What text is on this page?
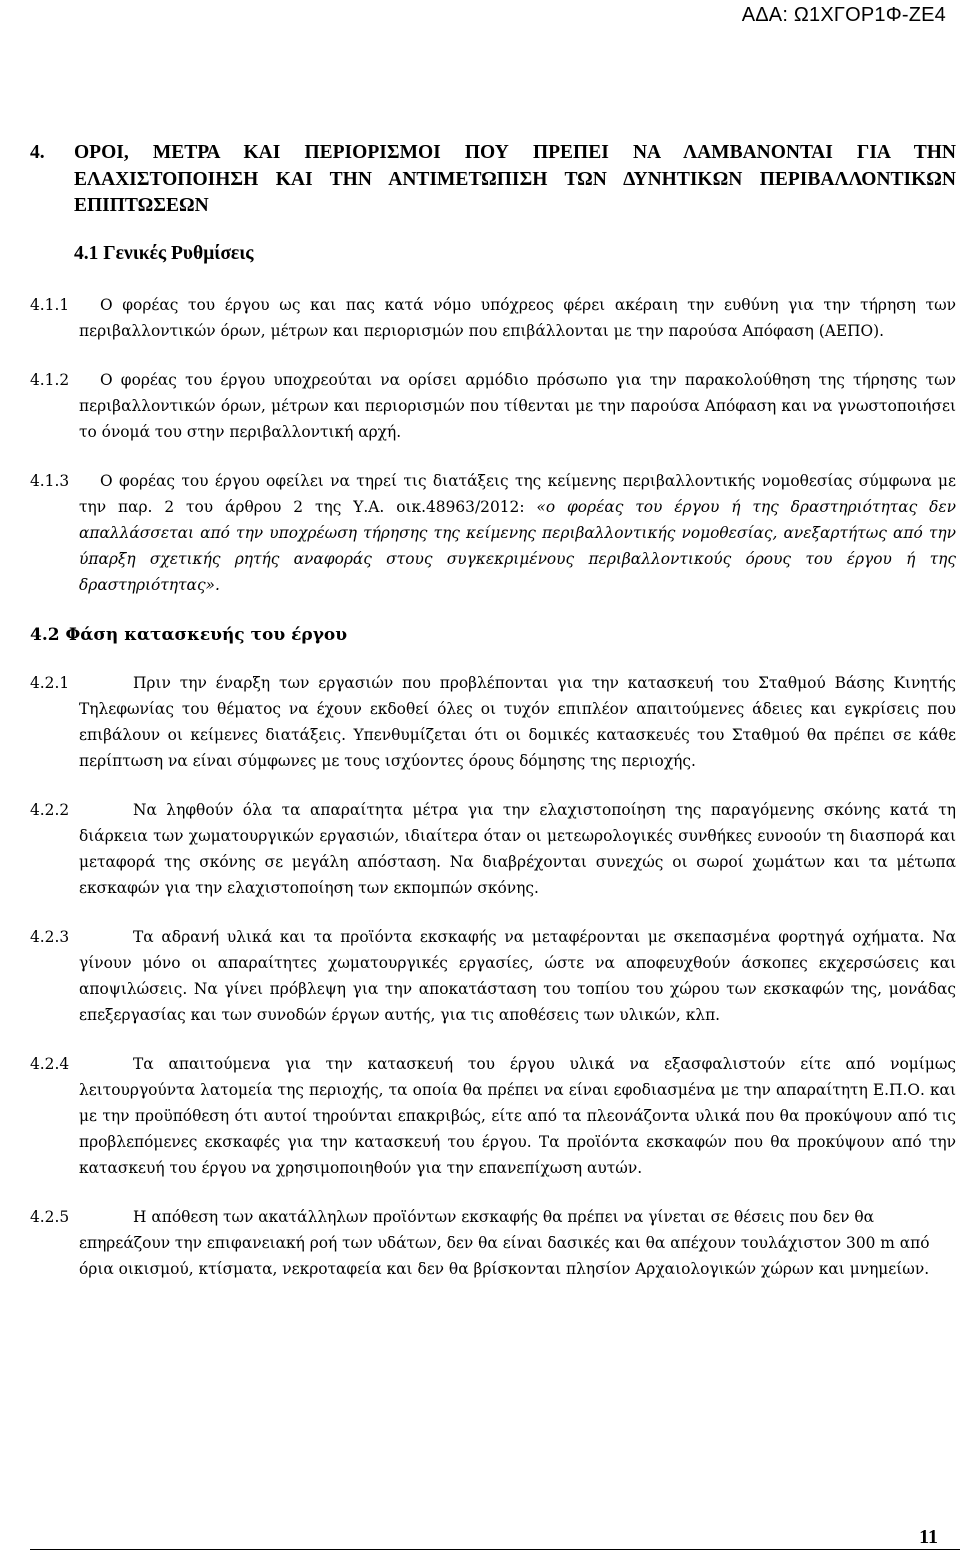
ΑΔΑ: Ω1ΧΓΟΡ1Φ-ΖΕ4
4.	ΟΡΟΙ, ΜΕΤΡΑ ΚΑΙ ΠΕΡΙΟΡΙΣΜΟΙ ΠΟΥ ΠΡΕΠΕΙ ΝΑ ΛΑΜΒΑΝΟΝΤΑΙ ΓΙΑ ΤΗΝ ΕΛΑΧΙΣΤΟΠΟΙΗΣΗ ΚΑΙ ΤΗΝ ΑΝΤΙΜΕΤΩΠΙΣΗ ΤΩΝ ΔΥΝΗΤΙΚΩΝ ΠΕΡΙΒΑΛΛΟΝΤΙΚΩΝ ΕΠΙΠΤΩΣΕΩΝ
4.1 Γενικές Ρυθμίσεις

4.1.1	Ο φορέας του έργου ως και πας κατά νόμο υπόχρεος φέρει ακέραιη την ευθύνη για την τήρηση των περιβαλλοντικών όρων, μέτρων και περιορισμών που επιβάλλονται με την παρούσα Απόφαση (ΑΕΠΟ).

4.1.2	Ο φορέας του έργου υποχρεούται να ορίσει αρμόδιο πρόσωπο για την παρακολούθηση της τήρησης των περιβαλλοντικών όρων, μέτρων και περιορισμών που τίθενται με την παρούσα Απόφαση και να γνωστοποιήσει το όνομά του στην περιβαλλοντική αρχή.

4.1.3	Ο φορέας του έργου οφείλει να τηρεί τις διατάξεις της κείμενης περιβαλλοντικής νομοθεσίας σύμφωνα με την παρ. 2 του άρθρου 2 της Υ.Α. οικ.48963/2012: «ο φορέας του έργου ή της δραστηριότητας δεν απαλλάσσεται από την υποχρέωση τήρησης της κείμενης περιβαλλοντικής νομοθεσίας, ανεξαρτήτως από την ύπαρξη σχετικής ρητής αναφοράς στους συγκεκριμένους περιβαλλοντικούς όρους του έργου ή της δραστηριότητας».

4.2 Φάση κατασκευής του έργου

4.2.1	Πριν την έναρξη των εργασιών που προβλέπονται για την κατασκευή του Σταθμού Βάσης Κινητής Τηλεφωνίας του θέματος να έχουν εκδοθεί όλες οι τυχόν επιπλέον απαιτούμενες άδειες και εγκρίσεις που επιβάλουν οι κείμενες διατάξεις. Υπενθυμίζεται ότι οι δομικές κατασκευές του Σταθμού θα πρέπει σε κάθε περίπτωση να είναι σύμφωνες με τους ισχύοντες όρους δόμησης της περιοχής.

4.2.2	Να ληφθούν όλα τα απαραίτητα μέτρα για την ελαχιστοποίηση της παραγόμενης σκόνης κατά τη διάρκεια των χωματουργικών εργασιών, ιδιαίτερα όταν οι μετεωρολογικές συνθήκες ευνοούν τη διασπορά και μεταφορά της σκόνης σε μεγάλη απόσταση. Να διαβρέχονται συνεχώς οι σωροί χωμάτων και τα μέτωπα εκσκαφών για την ελαχιστοποίηση των εκπομπών σκόνης.

4.2.3	Τα αδρανή υλικά και τα προϊόντα εκσκαφής να μεταφέρονται με σκεπασμένα φορτηγά οχήματα. Να γίνουν μόνο οι απαραίτητες χωματουργικές εργασίες, ώστε να αποφευχθούν άσκοπες εκχερσώσεις και αποψιλώσεις. Να γίνει πρόβλεψη για την αποκατάσταση του τοπίου του χώρου των εκσκαφών της, μονάδας επεξεργασίας και των συνοδών έργων αυτής, για τις αποθέσεις των υλικών, κλπ.

4.2.4	Τα απαιτούμενα για την κατασκευή του έργου υλικά να εξασφαλιστούν είτε από νομίμως λειτουργούντα λατομεία της περιοχής, τα οποία θα πρέπει να είναι εφοδιασμένα με την απαραίτητη Ε.Π.Ο. και με την προϋπόθεση ότι αυτοί τηρούνται επακριβώς, είτε από τα πλεονάζοντα υλικά που θα προκύψουν από τις προβλεπόμενες εκσκαφές για την κατασκευή του έργου. Τα προϊόντα εκσκαφών που θα προκύψουν από την κατασκευή του έργου να χρησιμοποιηθούν για την επανεπίχωση αυτών.

4.2.5	Η απόθεση των ακατάλληλων προϊόντων εκσκαφής θα πρέπει να γίνεται σε θέσεις που δεν θα επηρεάζουν την επιφανειακή ροή των υδάτων, δεν θα είναι δασικές και θα απέχουν τουλάχιστον 300 m από όρια οικισμού, κτίσματα, νεκροταφεία και δεν θα βρίσκονται πλησίον Αρχαιολογικών χώρων και μνημείων.

11
